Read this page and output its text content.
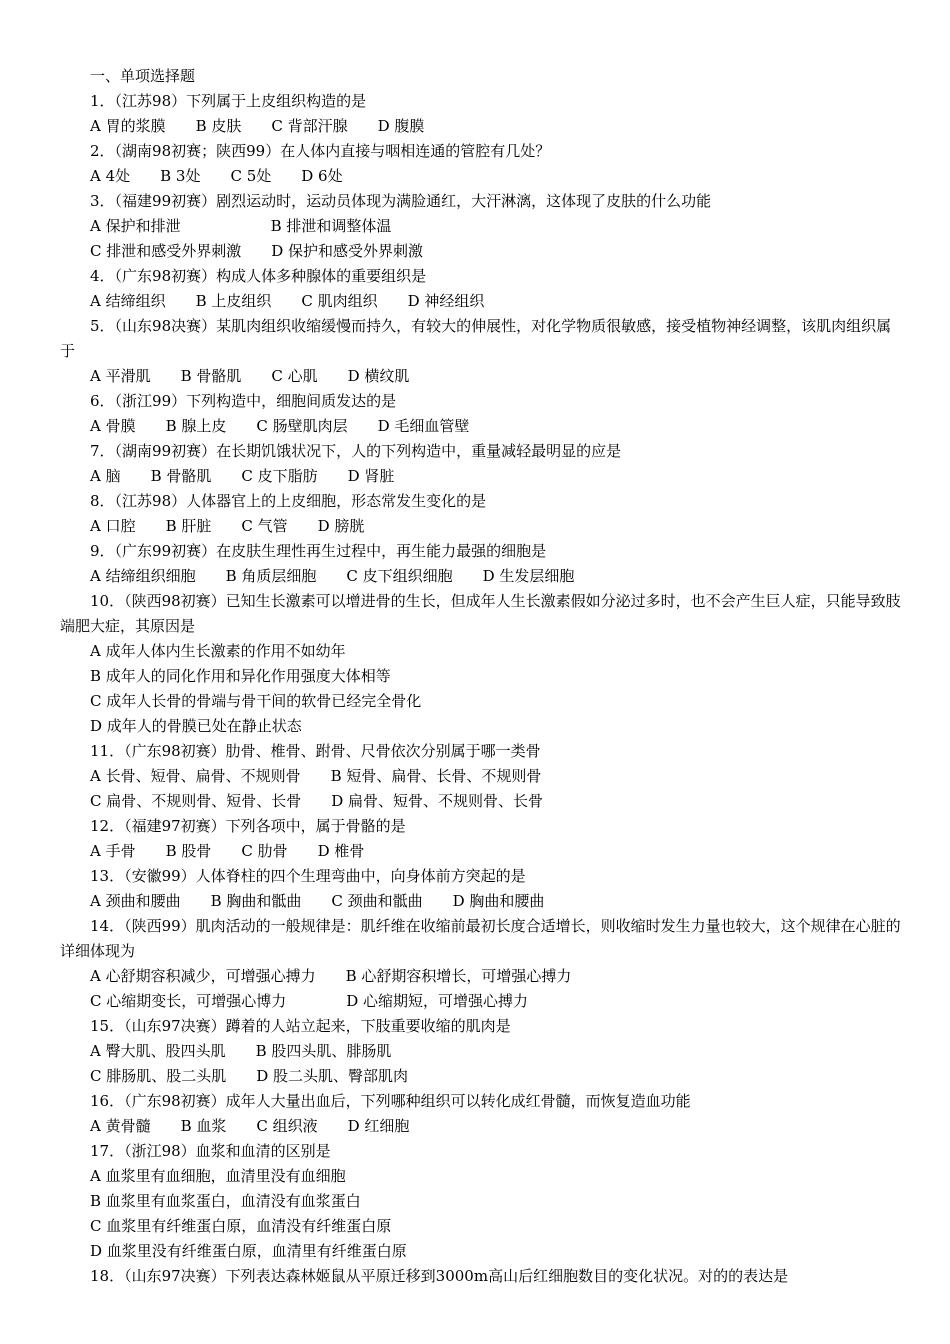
一、单项选择题
1．（江苏98）下列属于上皮组织构造的是
A 胃的浆膜　　B 皮肤　　C 背部汗腺　　D 腹膜
2．（湖南98初赛；陕西99）在人体内直接与咽相连通的管腔有几处？
A 4处　　B 3处　　C 5处　　D 6处
3．（福建99初赛）剧烈运动时，运动员体现为满脸通红，大汗淋漓，这体现了皮肤的什么功能
A 保护和排泄　　　　　　B 排泄和调整体温
C 排泄和感受外界刺激　　D 保护和感受外界刺激
4．（广东98初赛）构成人体多种腺体的重要组织是
A 结缔组织　　B 上皮组织　　C 肌肉组织　　D 神经组织
5．（山东98决赛）某肌肉组织收缩缓慢而持久，有较大的伸展性，对化学物质很敏感，接受植物神经调整，该肌肉组织属于
A 平滑肌　　B 骨骼肌　　C 心肌　　D 横纹肌
6．（浙江99）下列构造中，细胞间质发达的是
A 骨膜　　B 腺上皮　　C 肠壁肌肉层　　D 毛细血管壁
7．（湖南99初赛）在长期饥饿状况下，人的下列构造中，重量减轻最明显的应是
A 脑　　B 骨骼肌　　C 皮下脂肪　　D 肾脏
8．（江苏98）人体器官上的上皮细胞，形态常发生变化的是
A 口腔　　B 肝脏　　C 气管　　D 膀胱
9．（广东99初赛）在皮肤生理性再生过程中，再生能力最强的细胞是
A 结缔组织细胞　　B 角质层细胞　　C 皮下组织细胞　　D 生发层细胞
10．（陕西98初赛）已知生长激素可以增进骨的生长，但成年人生长激素假如分泌过多时，也不会产生巨人症，只能导致肢端肥大症，其原因是
A 成年人体内生长激素的作用不如幼年
B 成年人的同化作用和异化作用强度大体相等
C 成年人长骨的骨端与骨干间的软骨已经完全骨化
D 成年人的骨膜已处在静止状态
11．（广东98初赛）肋骨、椎骨、跗骨、尺骨依次分别属于哪一类骨
A 长骨、短骨、扁骨、不规则骨　　B 短骨、扁骨、长骨、不规则骨
C 扁骨、不规则骨、短骨、长骨　　D 扁骨、短骨、不规则骨、长骨
12．（福建97初赛）下列各项中，属于骨骼的是
A 手骨　　B 股骨　　C 肋骨　　D 椎骨
13．（安徽99）人体脊柱的四个生理弯曲中，向身体前方突起的是
A 颈曲和腰曲　　B 胸曲和骶曲　　C 颈曲和骶曲　　D 胸曲和腰曲
14．（陕西99）肌肉活动的一般规律是：肌纤维在收缩前最初长度合适增长，则收缩时发生力量也较大，这个规律在心脏的详细体现为
A 心舒期容积减少，可增强心搏力　　B 心舒期容积增长，可增强心搏力
C 心缩期变长，可增强心博力　　　　D 心缩期短，可增强心搏力
15．（山东97决赛）蹲着的人站立起来，下肢重要收缩的肌肉是
A 臀大肌、股四头肌　　B 股四头肌、腓肠肌
C 腓肠肌、股二头肌　　D 股二头肌、臀部肌肉
16．（广东98初赛）成年人大量出血后，下列哪种组织可以转化成红骨髓，而恢复造血功能
A 黄骨髓　　B 血浆　　C 组织液　　D 红细胞
17．（浙江98）血浆和血清的区别是
A 血浆里有血细胞，血清里没有血细胞
B 血浆里有血浆蛋白，血清没有血浆蛋白
C 血浆里有纤维蛋白原，血清没有纤维蛋白原
D 血浆里没有纤维蛋白原，血清里有纤维蛋白原
18．（山东97决赛）下列表达森林姬鼠从平原迁移到3000m高山后红细胞数目的变化状况。对的的表达是
